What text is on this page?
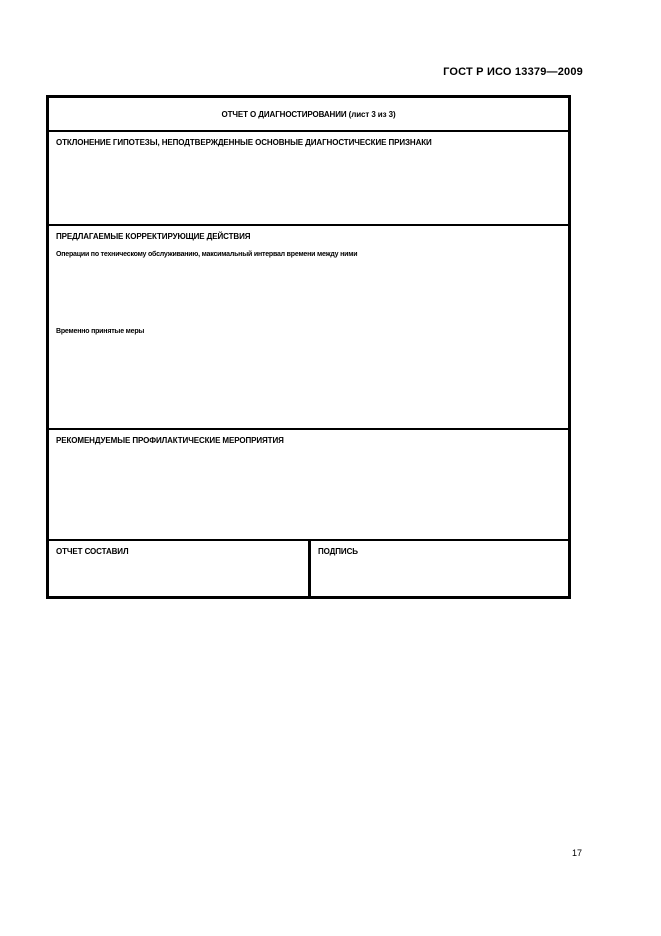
ГОСТ Р ИСО 13379—2009
ОТЧЕТ О ДИАГНОСТИРОВАНИИ (лист 3 из 3)
ОТКЛОНЕНИЕ ГИПОТЕЗЫ, НЕПОДТВЕРЖДЕННЫЕ ОСНОВНЫЕ ДИАГНОСТИЧЕСКИЕ ПРИЗНАКИ
ПРЕДЛАГАЕМЫЕ КОРРЕКТИРУЮЩИЕ ДЕЙСТВИЯ
Операции по техническому обслуживанию, максимальный интервал времени между ними
Временно принятые меры
РЕКОМЕНДУЕМЫЕ ПРОФИЛАКТИЧЕСКИЕ МЕРОПРИЯТИЯ
ОТЧЕТ СОСТАВИЛ	ПОДПИСЬ
17
